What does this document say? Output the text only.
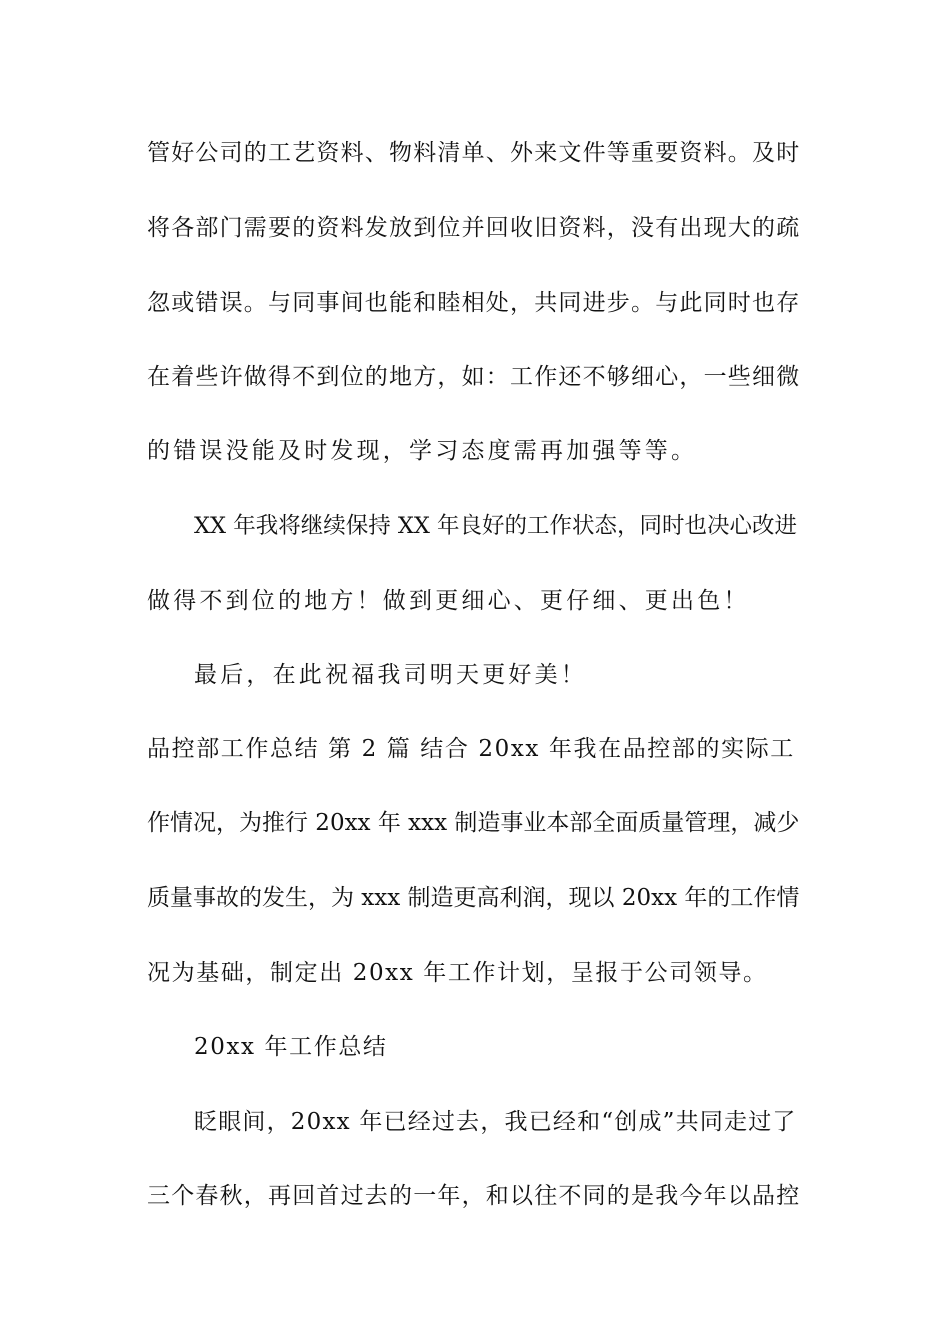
管好公司的工艺资料、物料清单、外来文件等重要资料。及时
将各部门需要的资料发放到位并回收旧资料，没有出现大的疏
忽或错误。与同事间也能和睦相处，共同进步。与此同时也存
在着些许做得不到位的地方，如：工作还不够细心，一些细微
的错误没能及时发现，学习态度需再加强等等。
XX 年我将继续保持 XX 年良好的工作状态，同时也决心改进
做得不到位的地方！做到更细心、更仔细、更出色！
最后，在此祝福我司明天更好美！
品控部工作总结 第 2 篇 结合 20xx 年我在品控部的实际工
作情况，为推行 20xx 年 xxx 制造事业本部全面质量管理，减少
质量事故的发生，为 xxx 制造更高利润，现以 20xx 年的工作情
况为基础，制定出 20xx 年工作计划，呈报于公司领导。
20xx 年工作总结
眨眼间，20xx 年已经过去，我已经和“创成”共同走过了
三个春秋，再回首过去的一年，和以往不同的是我今年以品控
